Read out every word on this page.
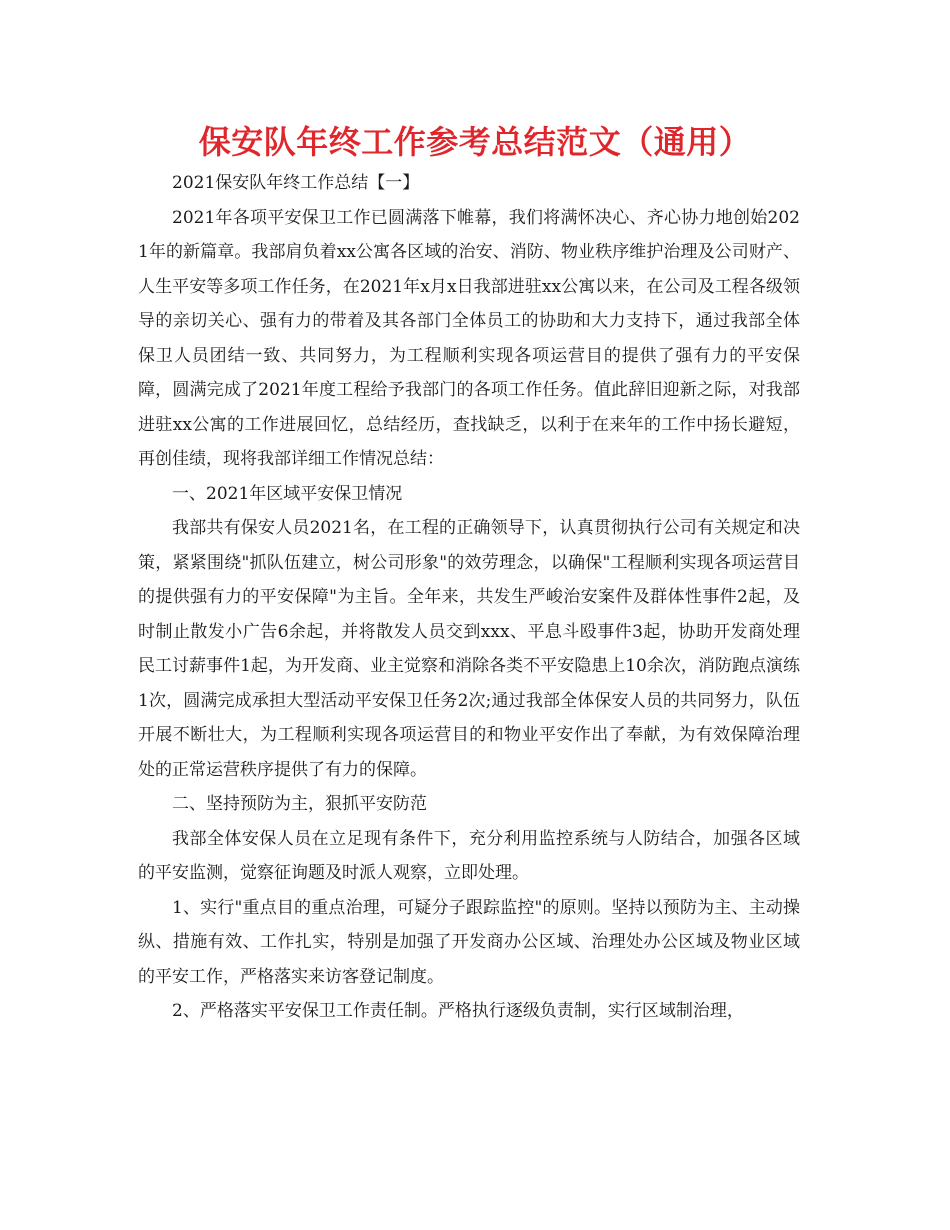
保安队年终工作参考总结范文（通用）

2021保安队年终工作总结【一】

2021年各项平安保卫工作已圆满落下帷幕，我们将满怀决心、齐心协力地创始2021年的新篇章。我部肩负着xx公寓各区域的治安、消防、物业秩序维护治理及公司财产、人生平安等多项工作任务，在2021年x月x日我部进驻xx公寓以来，在公司及工程各级领导的亲切关心、强有力的带着及其各部门全体员工的协助和大力支持下，通过我部全体保卫人员团结一致、共同努力，为工程顺利实现各项运营目的提供了强有力的平安保障，圆满完成了2021年度工程给予我部门的各项工作任务。值此辞旧迎新之际，对我部进驻xx公寓的工作进展回忆，总结经历，查找缺乏，以利于在来年的工作中扬长避短，再创佳绩，现将我部详细工作情况总结：

一、2021年区域平安保卫情况

我部共有保安人员2021名，在工程的正确领导下，认真贯彻执行公司有关规定和决策，紧紧围绕"抓队伍建立，树公司形象"的效劳理念，以确保"工程顺利实现各项运营目的提供强有力的平安保障"为主旨。全年来，共发生严峻治安案件及群体性事件2起，及时制止散发小广告6余起，并将散发人员交到xxx、平息斗殴事件3起，协助开发商处理民工讨薪事件1起，为开发商、业主觉察和消除各类不平安隐患上10余次，消防跑点演练1次，圆满完成承担大型活动平安保卫任务2次;通过我部全体保安人员的共同努力，队伍开展不断壮大，为工程顺利实现各项运营目的和物业平安作出了奉献，为有效保障治理处的正常运营秩序提供了有力的保障。

二、坚持预防为主，狠抓平安防范

我部全体安保人员在立足现有条件下，充分利用监控系统与人防结合，加强各区域的平安监测，觉察征询题及时派人观察，立即处理。

1、实行"重点目的重点治理，可疑分子跟踪监控"的原则。坚持以预防为主、主动操纵、措施有效、工作扎实，特别是加强了开发商办公区域、治理处办公区域及物业区域的平安工作，严格落实来访客登记制度。

2、严格落实平安保卫工作责任制。严格执行逐级负责制，实行区域制治理，
